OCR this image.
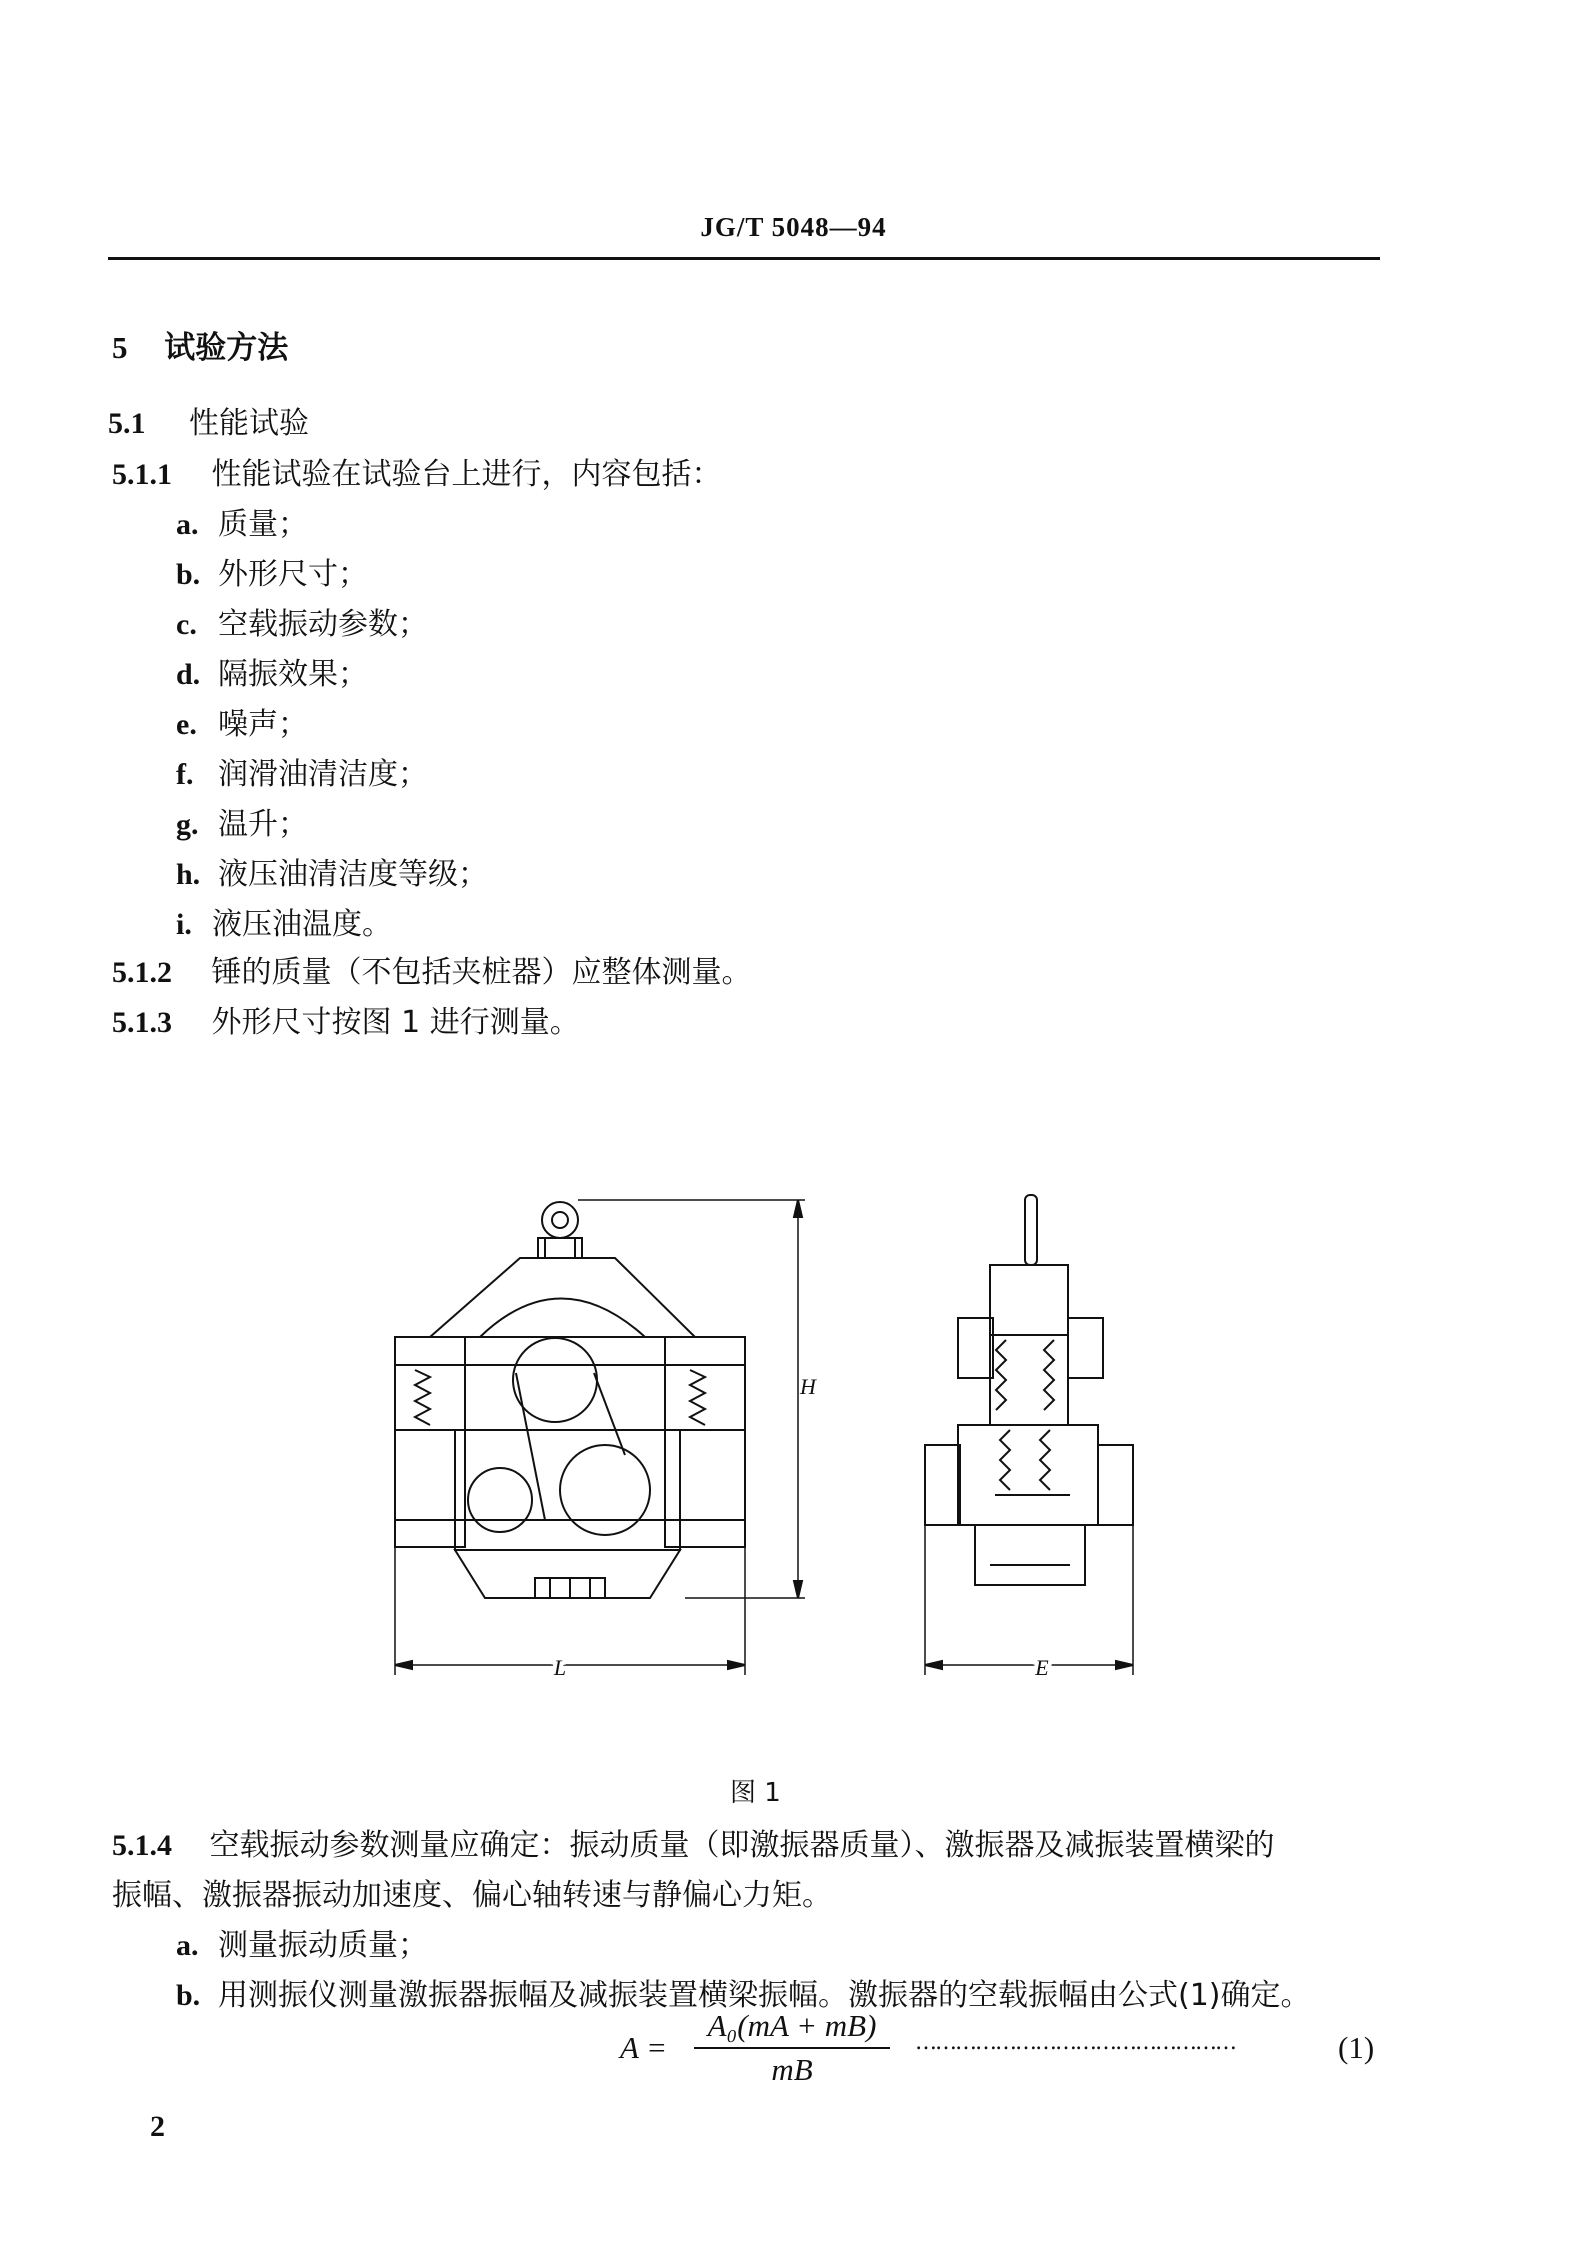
JG/T 5048—94
5 试验方法
5.1 性能试验
5.1.1 性能试验在试验台上进行，内容包括：
a. 质量；
b. 外形尺寸；
c. 空载振动参数；
d. 隔振效果；
e. 噪声；
f. 润滑油清洁度；
g. 温升；
h. 液压油清洁度等级；
i. 液压油温度。
5.1.2 锤的质量（不包括夹桩器）应整体测量。
5.1.3 外形尺寸按图 1 进行测量。
H
L	E
图 1
5.1.4 空载振动参数测量应确定：振动质量（即激振器质量）、激振器及减振装置横梁的
振幅、激振器振动加速度、偏心轴转速与静偏心力矩。
a. 测量振动质量；
b. 用测振仪测量激振器振幅及减振装置横梁振幅。激振器的空载振幅由公式(1)确定。
A =
A₀(mA + mB)
mB
…………………………………………	(1)
2
